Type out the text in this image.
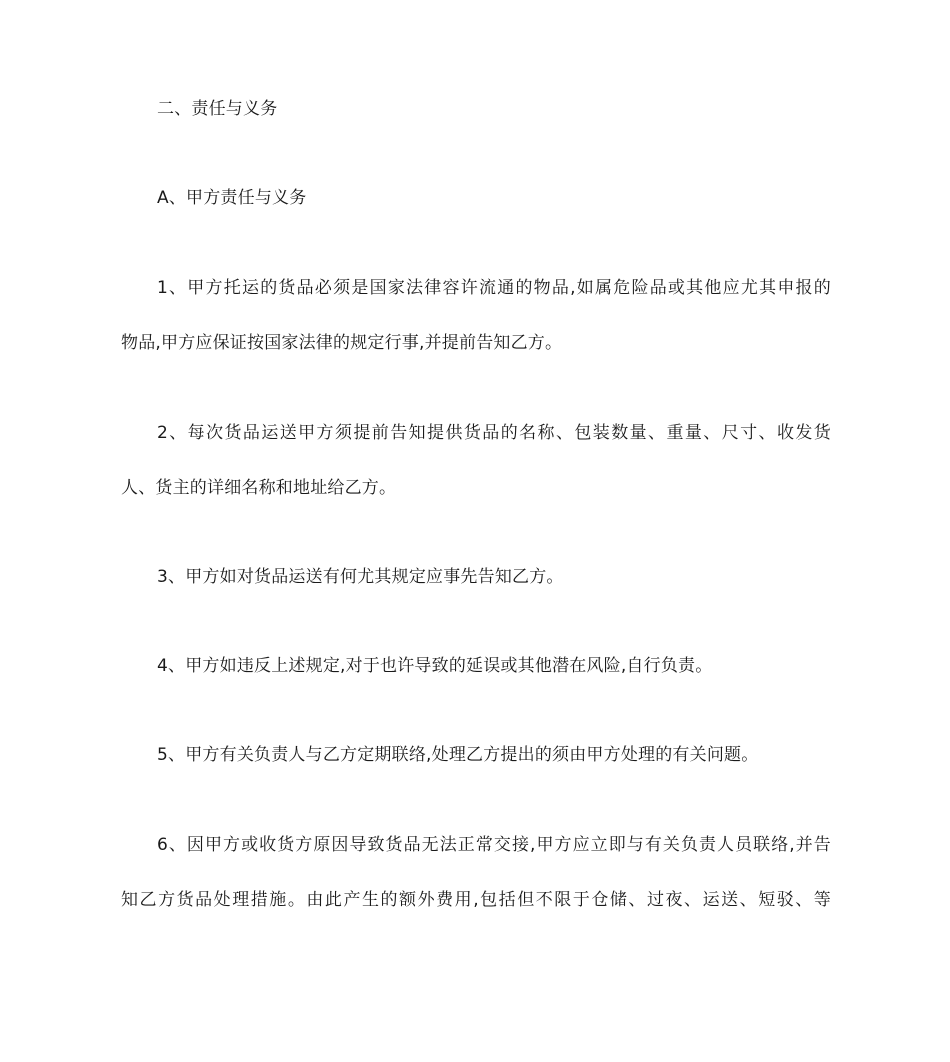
二、责任与义务
A、甲方责任与义务
1、甲方托运的货品必须是国家法律容许流通的物品,如属危险品或其他应尤其申报的
物品,甲方应保证按国家法律的规定行事,并提前告知乙方。
2、每次货品运送甲方须提前告知提供货品的名称、包装数量、重量、尺寸、收发货
人、货主的详细名称和地址给乙方。
3、甲方如对货品运送有何尤其规定应事先告知乙方。
4、甲方如违反上述规定,对于也许导致的延误或其他潜在风险,自行负责。
5、甲方有关负责人与乙方定期联络,处理乙方提出的须由甲方处理的有关问题。
6、因甲方或收货方原因导致货品无法正常交接,甲方应立即与有关负责人员联络,并告
知乙方货品处理措施。由此产生的额外费用,包括但不限于仓储、过夜、运送、短驳、等
